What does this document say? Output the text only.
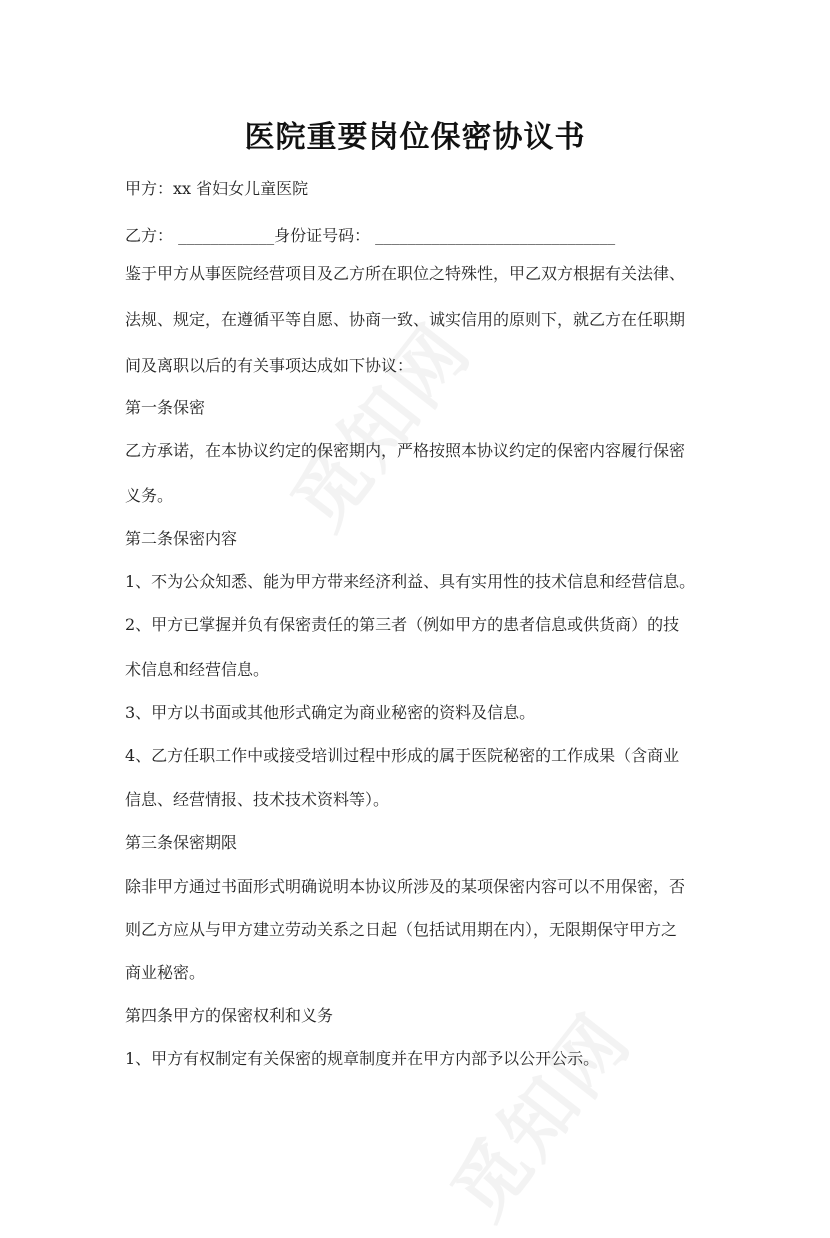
医院重要岗位保密协议书
甲方：xx 省妇女儿童医院
乙方： ____________身份证号码： ______________________________
鉴于甲方从事医院经营项目及乙方所在职位之特殊性，甲乙双方根据有关法律、
法规、规定，在遵循平等自愿、协商一致、诚实信用的原则下，就乙方在任职期
间及离职以后的有关事项达成如下协议：
第一条保密
乙方承诺，在本协议约定的保密期内，严格按照本协议约定的保密内容履行保密
义务。
第二条保密内容
1、不为公众知悉、能为甲方带来经济利益、具有实用性的技术信息和经营信息。
2、甲方已掌握并负有保密责任的第三者（例如甲方的患者信息或供货商）的技
术信息和经营信息。
3、甲方以书面或其他形式确定为商业秘密的资料及信息。
4、乙方任职工作中或接受培训过程中形成的属于医院秘密的工作成果（含商业
信息、经营情报、技术技术资料等）。
第三条保密期限
除非甲方通过书面形式明确说明本协议所涉及的某项保密内容可以不用保密，否
则乙方应从与甲方建立劳动关系之日起（包括试用期在内），无限期保守甲方之
商业秘密。
第四条甲方的保密权利和义务
1、甲方有权制定有关保密的规章制度并在甲方内部予以公开公示。
